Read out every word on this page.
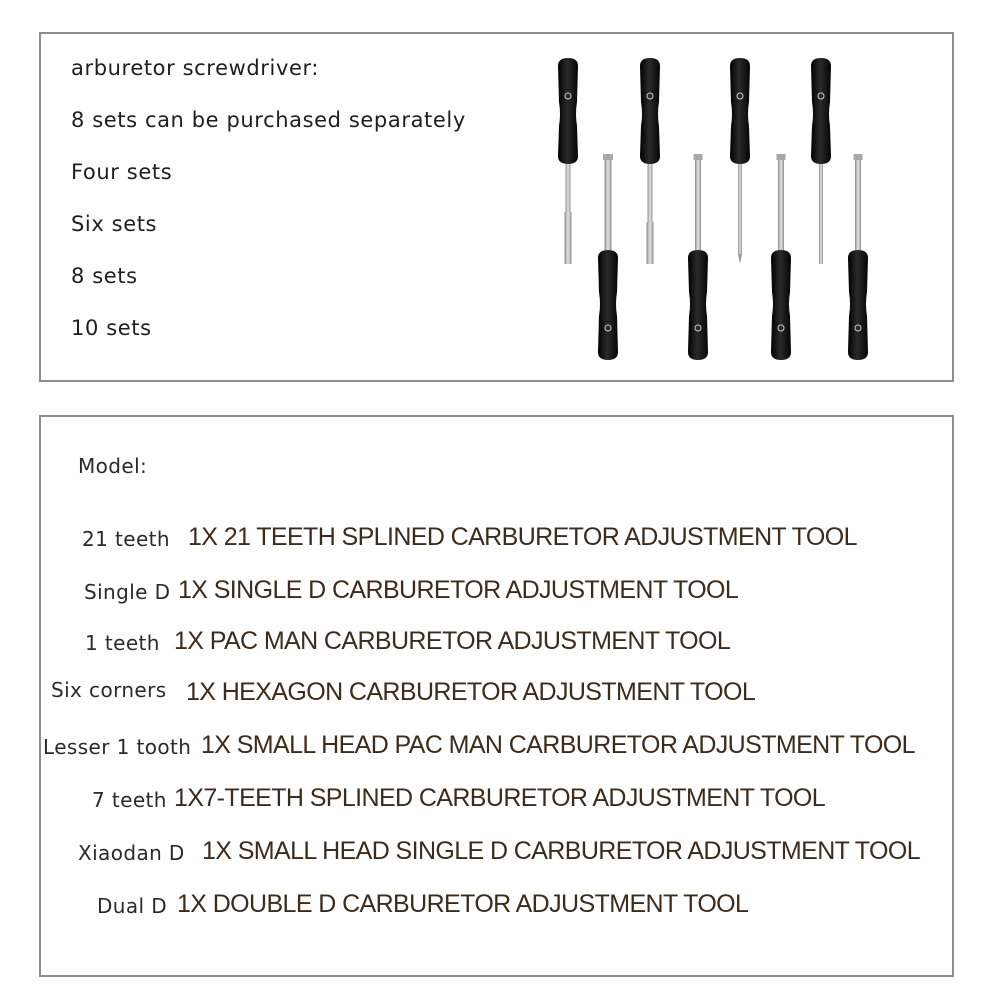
arburetor screwdriver:
8 sets can be purchased separately
Four sets
Six sets
8 sets
10 sets
Model:
21 teeth 1X 21 TEETH SPLINED CARBURETOR ADJUSTMENT TOOL
Single D 1X SINGLE D CARBURETOR ADJUSTMENT TOOL
1 teeth 1X PAC MAN CARBURETOR ADJUSTMENT TOOL
Six corners 1X HEXAGON CARBURETOR ADJUSTMENT TOOL
Lesser 1 tooth 1X SMALL HEAD PAC MAN CARBURETOR ADJUSTMENT TOOL
7 teeth 1X7-TEETH SPLINED CARBURETOR ADJUSTMENT TOOL
Xiaodan D 1X SMALL HEAD SINGLE D CARBURETOR ADJUSTMENT TOOL
Dual D 1X DOUBLE D CARBURETOR ADJUSTMENT TOOL
